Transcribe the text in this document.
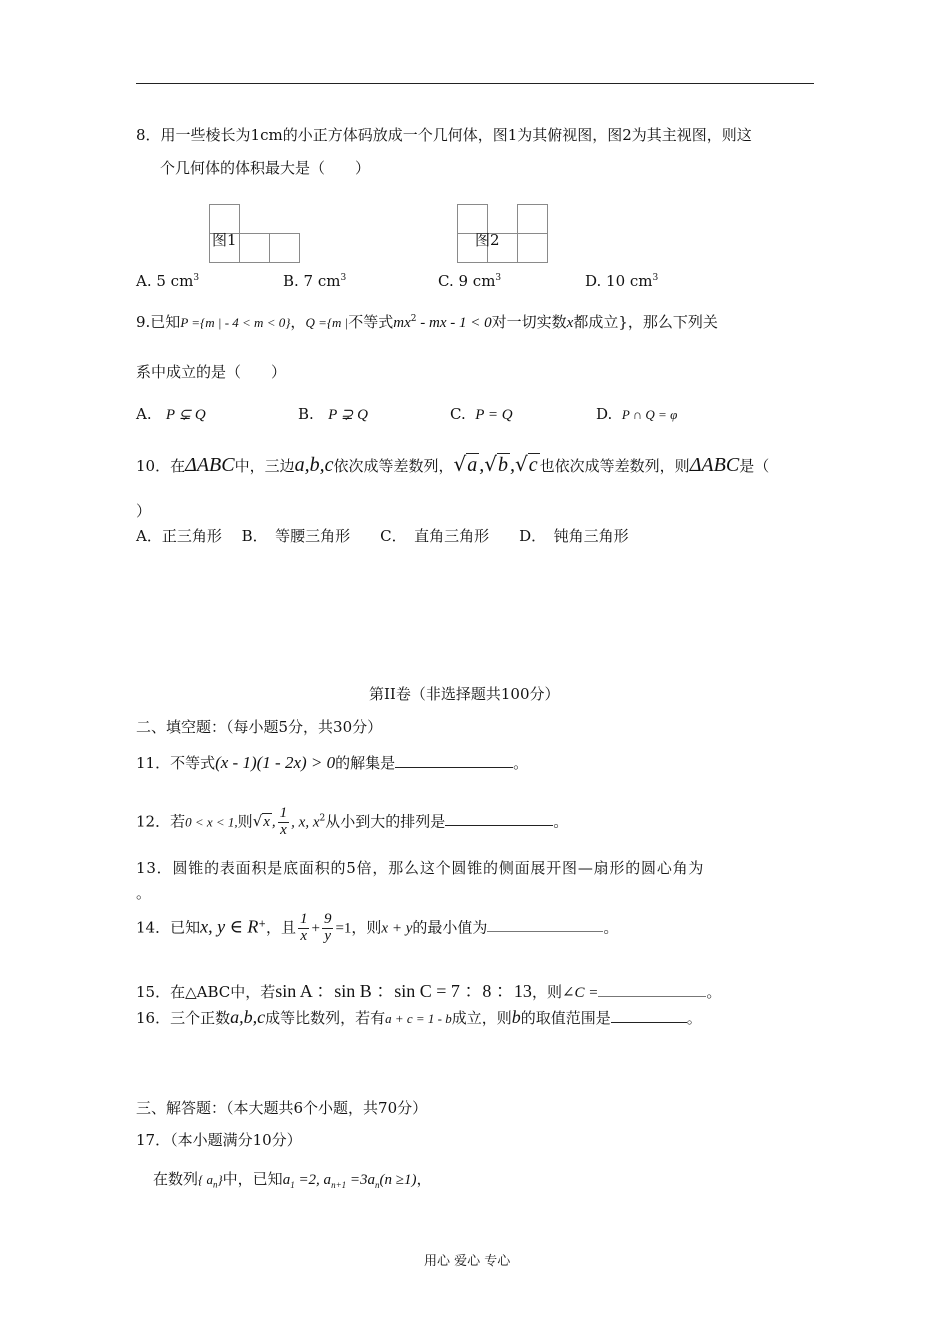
8．用一些棱长为1cm的小正方体码放成一个几何体，图1为其俯视图，图2为其主视图，则这
个几何体的体积最大是（　　）
图1	图2
A. 5 $cm^3$	B. 7 $cm^3$	C. 9 $cm^3$	D. 10 $cm^3$
9.已知P ={m | - 4 < m < 0}，Q ={m |不等式$mx^2$ - mx - 1 < 0对一切实数x都成立}，那么下列关
系中成立的是（　　）
A. P ⊊ Q	B. P ⊋ Q	C. P = Q	D. P ∩ Q = φ
10．在ΔABC中，三边a,b,c依次成等差数列，√a ,√b ,√c 也依次成等差数列，则ΔABC是（
）
A．正三角形　 B．　等腰三角形　　C．　直角三角形　　D．　钝角三角形
第II卷（非选择题共100分）
二、填空题：（每小题5分，共30分）
11．不等式(x - 1)(1 - 2x) > 0的解集是	。
12．若0 < x < 1,则√x , $\frac{1}{x}$ , x, $x^2$从小到大的排列是	。
13．圆锥的表面积是底面积的5倍，那么这个圆锥的侧面展开图—扇形的圆心角为
。
14．已知x, y ∈ R+，且 $\frac{1}{x} + \frac{9}{y} =1$，则x + y的最小值为	。
15．在△ABC中，若sin A ：sin B ：sin C = 7 ：8 ：13，则∠C =	。
16．三个正数a,b,c成等比数列，若有a + c = 1 - b成立，则b的取值范围是	。
三、解答题：（本大题共6个小题，共70分）
17．（本小题满分10分）
在数列{ $a_n$}中，已知$a_1 =2$, $a_{n+1} =3a_n(n \ge 1)$，
用心 爱心 专心
